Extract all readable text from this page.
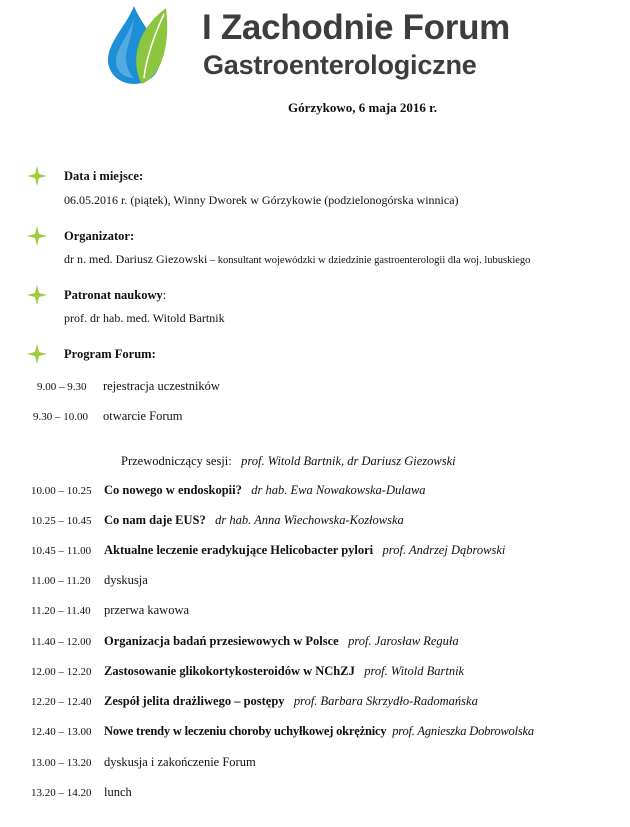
I Zachodnie Forum
Gastroenterologiczne
Górzykowo, 6 maja 2016 r.
Data i miejsce:
06.05.2016 r. (piątek), Winny Dworek w Górzykowie (podzielonogórska winnica)
Organizator:
dr n. med. Dariusz Giezowski – konsultant wojewódzki w dziedzinie gastroenterologii dla woj. lubuskiego
Patronat naukowy:
prof. dr hab. med. Witold Bartnik
Program Forum:
9.00 – 9.30 rejestracja uczestników
9.30 – 10.00 otwarcie Forum
Przewodniczący sesji: prof. Witold Bartnik, dr Dariusz Giezowski
10.00 – 10.25 Co nowego w endoskopii? dr hab. Ewa Nowakowska-Dulawa
10.25 – 10.45 Co nam daje EUS? dr hab. Anna Wiechowska-Kozłowska
10.45 – 11.00 Aktualne leczenie eradykujące Helicobacter pylori prof. Andrzej Dąbrowski
11.00 – 11.20 dyskusja
11.20 – 11.40 przerwa kawowa
11.40 – 12.00 Organizacja badań przesiewowych w Polsce prof. Jarosław Reguła
12.00 – 12.20 Zastosowanie glikokortykosteroidów w NChZJ prof. Witold Bartnik
12.20 – 12.40 Zespół jelita drażliwego – postępy prof. Barbara Skrzydło-Radomańska
12.40 – 13.00 Nowe trendy w leczeniu choroby uchyłkowej okrężnicy prof. Agnieszka Dobrowolska
13.00 – 13.20 dyskusja i zakończenie Forum
13.20 – 14.20 lunch
